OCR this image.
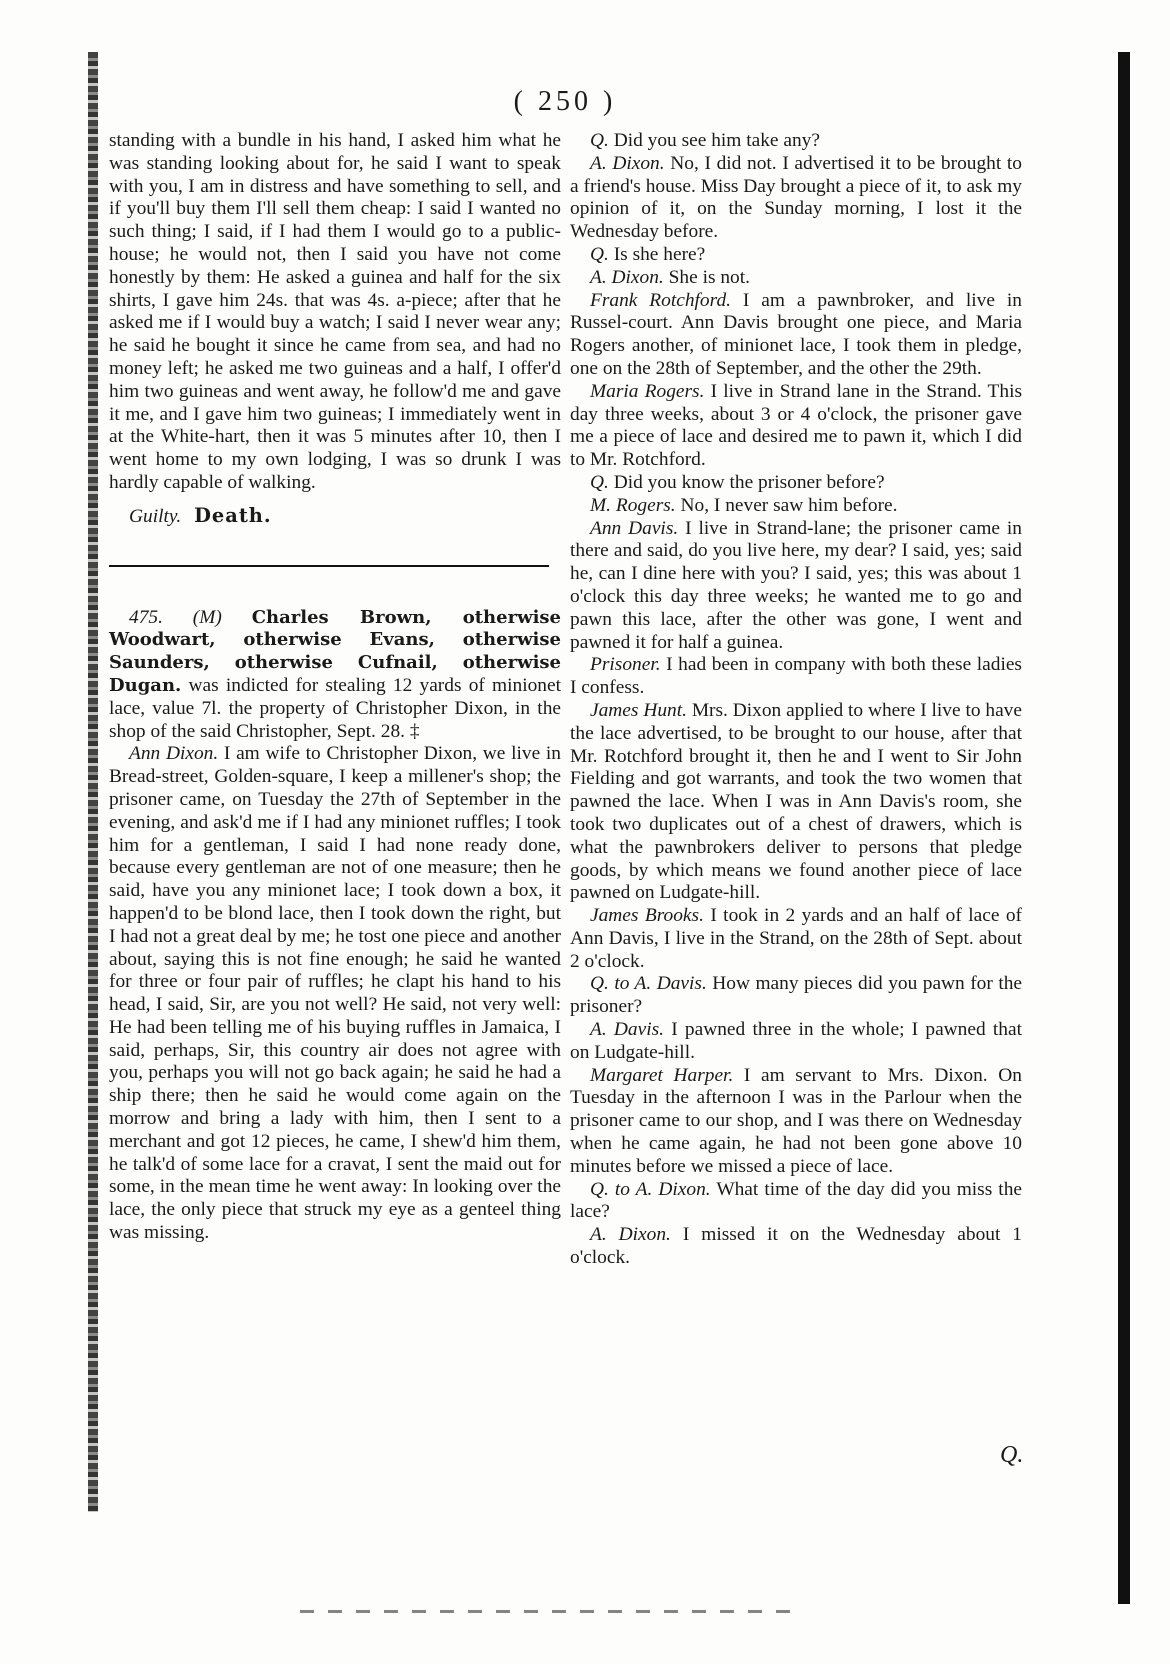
( 250 )

standing with a bundle in his hand, I asked him what he was standing looking about for, he said I want to speak with you, I am in distress and have something to sell, and if you'll buy them I'll sell them cheap: I said I wanted no such thing; I said, if I had them I would go to a public-house; he would not, then I said you have not come honestly by them: He asked a guinea and half for the six shirts, I gave him 24s. that was 4s. a-piece; after that he asked me if I would buy a watch; I said I never wear any; he said he bought it since he came from sea, and had no money left; he asked me two guineas and a half, I offer'd him two guineas and went away, he follow'd me and gave it me, and I gave him two guineas; I immediately went in at the White-hart, then it was 5 minutes after 10, then I went home to my own lodging, I was so drunk I was hardly capable of walking.

Guilty. Death.

475. (M) Charles Brown, otherwise Woodwart, otherwise Evans, otherwise Saunders, otherwise Cufnail, otherwise Dugan. was indicted for stealing 12 yards of minionet lace, value 7l. the property of Christopher Dixon, in the shop of the said Christopher, Sept. 28. ‡

Ann Dixon. I am wife to Christopher Dixon, we live in Bread-street, Golden-square, I keep a millener's shop; the prisoner came, on Tuesday the 27th of September in the evening, and ask'd me if I had any minionet ruffles; I took him for a gentleman, I said I had none ready done, because every gentleman are not of one measure; then he said, have you any minionet lace; I took down a box, it happen'd to be blond lace, then I took down the right, but I had not a great deal by me; he tost one piece and another about, saying this is not fine enough; he said he wanted for three or four pair of ruffles; he clapt his hand to his head, I said, Sir, are you not well? He said, not very well: He had been telling me of his buying ruffles in Jamaica, I said, perhaps, Sir, this country air does not agree with you, perhaps you will not go back again; he said he had a ship there; then he said he would come again on the morrow and bring a lady with him, then I sent to a merchant and got 12 pieces, he came, I shew'd him them, he talk'd of some lace for a cravat, I sent the maid out for some, in the mean time he went away: In looking over the lace, the only piece that struck my eye as a genteel thing was missing.

Q. Did you see him take any?

A. Dixon. No, I did not. I advertised it to be brought to a friend's house. Miss Day brought a piece of it, to ask my opinion of it, on the Sunday morning, I lost it the Wednesday before.

Q. Is she here?

A. Dixon. She is not.

Frank Rotchford. I am a pawnbroker, and live in Russel-court. Ann Davis brought one piece, and Maria Rogers another, of minionet lace, I took them in pledge, one on the 28th of September, and the other the 29th.

Maria Rogers. I live in Strand lane in the Strand. This day three weeks, about 3 or 4 o'clock, the prisoner gave me a piece of lace and desired me to pawn it, which I did to Mr. Rotchford.

Q. Did you know the prisoner before?

M. Rogers. No, I never saw him before.

Ann Davis. I live in Strand-lane; the prisoner came in there and said, do you live here, my dear? I said, yes; said he, can I dine here with you? I said, yes; this was about 1 o'clock this day three weeks; he wanted me to go and pawn this lace, after the other was gone, I went and pawned it for half a guinea.

Prisoner. I had been in company with both these ladies I confess.

James Hunt. Mrs. Dixon applied to where I live to have the lace advertised, to be brought to our house, after that Mr. Rotchford brought it, then he and I went to Sir John Fielding and got warrants, and took the two women that pawned the lace. When I was in Ann Davis's room, she took two duplicates out of a chest of drawers, which is what the pawnbrokers deliver to persons that pledge goods, by which means we found another piece of lace pawned on Ludgate-hill.

James Brooks. I took in 2 yards and an half of lace of Ann Davis, I live in the Strand, on the 28th of Sept. about 2 o'clock.

Q. to A. Davis. How many pieces did you pawn for the prisoner?

A. Davis. I pawned three in the whole; I pawned that on Ludgate-hill.

Margaret Harper. I am servant to Mrs. Dixon. On Tuesday in the afternoon I was in the Parlour when the prisoner came to our shop, and I was there on Wednesday when he came again, he had not been gone above 10 minutes before we missed a piece of lace.

Q. to A. Dixon. What time of the day did you miss the lace?

A. Dixon. I missed it on the Wednesday about 1 o'clock.

Q.
